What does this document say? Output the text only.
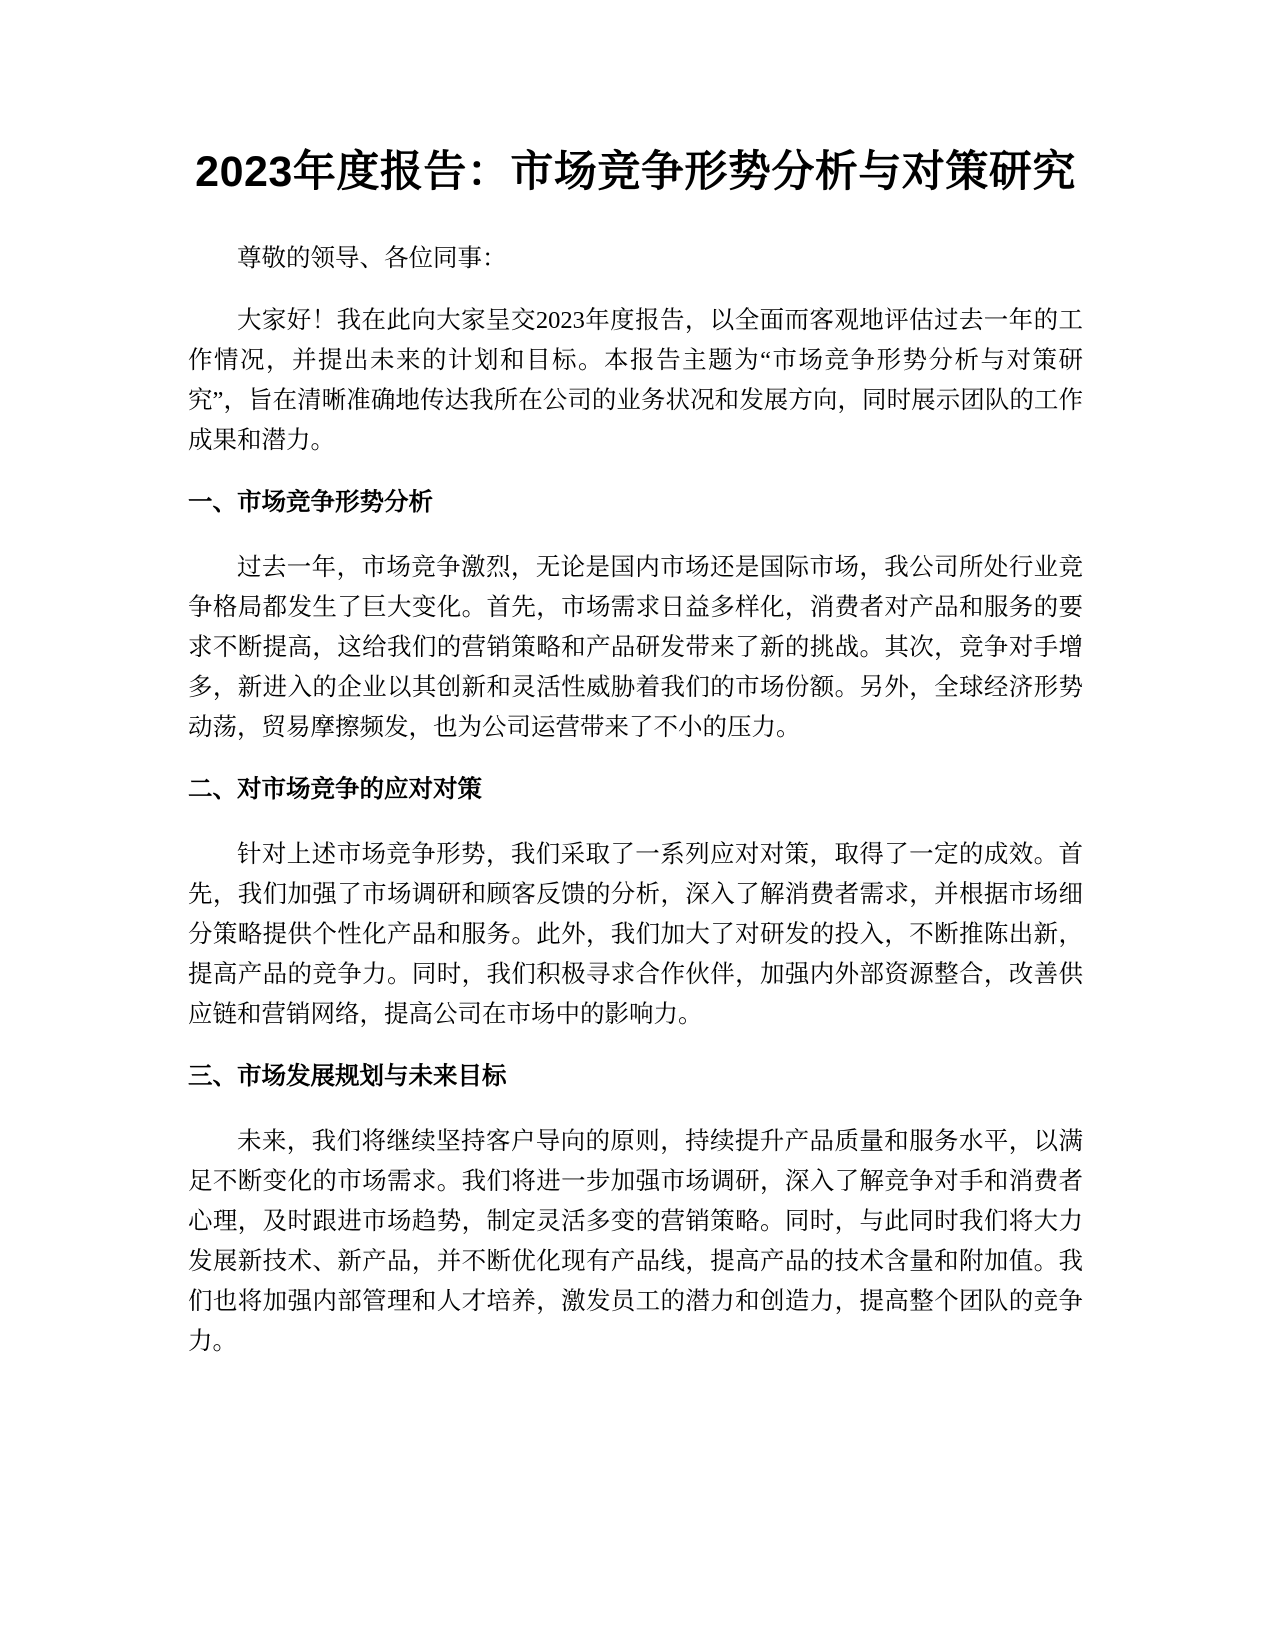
2023年度报告：市场竞争形势分析与对策研究

尊敬的领导、各位同事：

大家好！我在此向大家呈交2023年度报告，以全面而客观地评估过去一年的工作情况，并提出未来的计划和目标。本报告主题为“市场竞争形势分析与对策研究”，旨在清晰准确地传达我所在公司的业务状况和发展方向，同时展示团队的工作成果和潜力。

一、市场竞争形势分析

过去一年，市场竞争激烈，无论是国内市场还是国际市场，我公司所处行业竞争格局都发生了巨大变化。首先，市场需求日益多样化，消费者对产品和服务的要求不断提高，这给我们的营销策略和产品研发带来了新的挑战。其次，竞争对手增多，新进入的企业以其创新和灵活性威胁着我们的市场份额。另外，全球经济形势动荡，贸易摩擦频发，也为公司运营带来了不小的压力。

二、对市场竞争的应对对策

针对上述市场竞争形势，我们采取了一系列应对对策，取得了一定的成效。首先，我们加强了市场调研和顾客反馈的分析，深入了解消费者需求，并根据市场细分策略提供个性化产品和服务。此外，我们加大了对研发的投入，不断推陈出新，提高产品的竞争力。同时，我们积极寻求合作伙伴，加强内外部资源整合，改善供应链和营销网络，提高公司在市场中的影响力。

三、市场发展规划与未来目标

未来，我们将继续坚持客户导向的原则，持续提升产品质量和服务水平，以满足不断变化的市场需求。我们将进一步加强市场调研，深入了解竞争对手和消费者心理，及时跟进市场趋势，制定灵活多变的营销策略。同时，与此同时我们将大力发展新技术、新产品，并不断优化现有产品线，提高产品的技术含量和附加值。我们也将加强内部管理和人才培养，激发员工的潜力和创造力，提高整个团队的竞争力。
